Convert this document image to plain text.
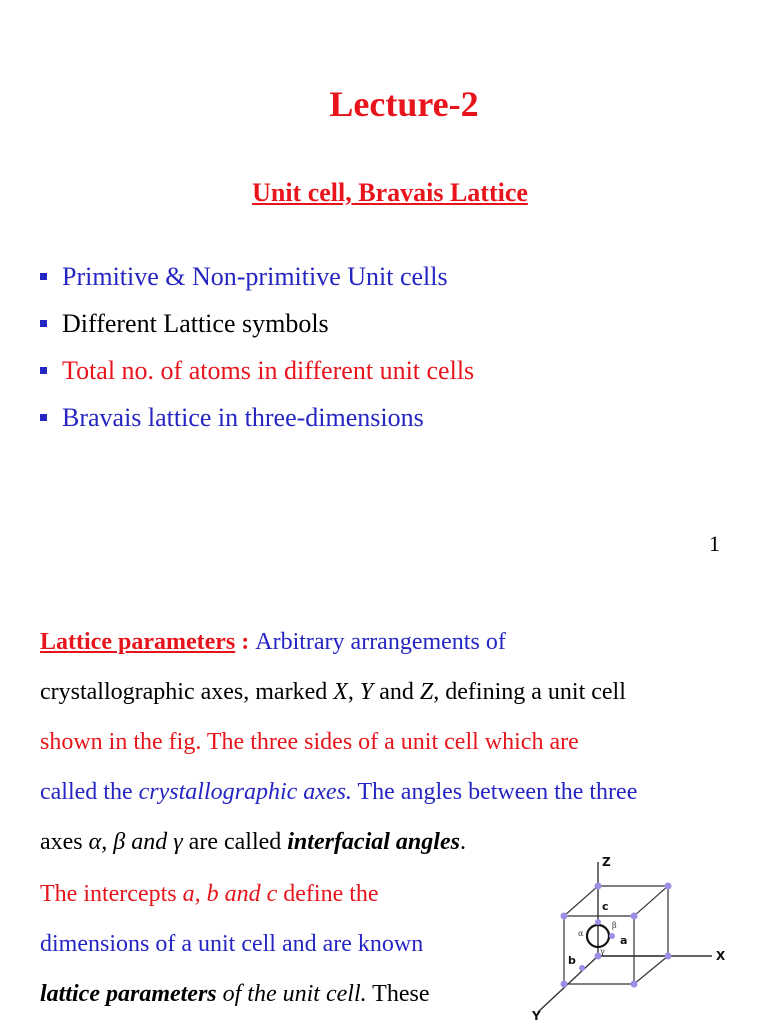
Lecture-2
Unit cell, Bravais Lattice
Primitive & Non-primitive Unit cells
Different Lattice symbols
Total no. of atoms in different unit cells
Bravais lattice in three-dimensions
1
Lattice parameters : Arbitrary arrangements of
crystallographic axes, marked X, Y and Z, defining a unit cell
shown in the fig. The three sides of a unit cell which are
called the crystallographic axes. The angles between the three
axes α, β and γ are called interfacial angles.
The intercepts a, b and c define the
dimensions of a unit cell and are known
lattice parameters of the unit cell. These
Z
X
Y
c
a
b
α
β
γ
